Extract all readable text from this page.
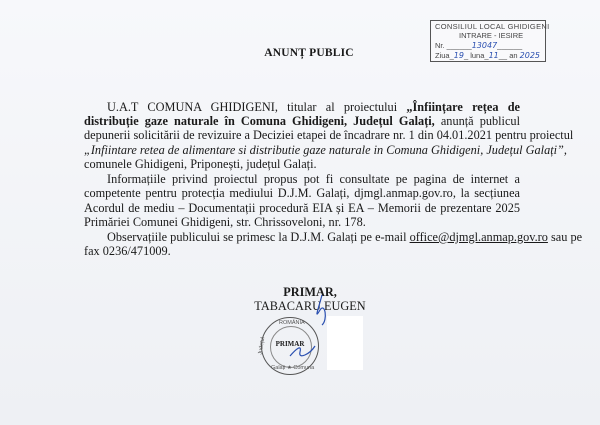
CONSILIUL LOCAL GHIDIGENI
INTRARE - IESIRE
Nr. ______13047______
Ziua_19_ luna_11__ an 2025
ANUNȚ PUBLIC
U.A.T COMUNA GHIDIGENI, titular al proiectului „Înființare rețea de
distribuție gaze naturale în Comuna Ghidigeni, Județul Galați, anunță publicul
depunerii solicitării de revizuire a Deciziei etapei de încadrare nr. 1 din 04.01.2021 pentru proiectul
„Infiintare retea de alimentare si distributie gaze naturale in Comuna Ghidigeni, Județul Galați”,
comunele Ghidigeni, Priponești, județul Galați.
Informațiile privind proiectul propus pot fi consultate pe pagina de internet a
competente pentru protecția mediului D.J.M. Galați, djmgl.anmap.gov.ro, la secțiunea
Acordul de mediu – Documentații procedură EIA și EA – Memorii de prezentare 2025
Primăriei Comunei Ghidigeni, str. Chrissoveloni, nr. 178.
Observațiile publicului se primesc la D.J.M. Galați pe e-mail office@djmgl.anmap.gov.ro sau pe
fax 0236/471009.
PRIMAR,
TABACARU EUGEN
ROMÂNIA
Județul
Galați ★ Comuna
PRIMAR
